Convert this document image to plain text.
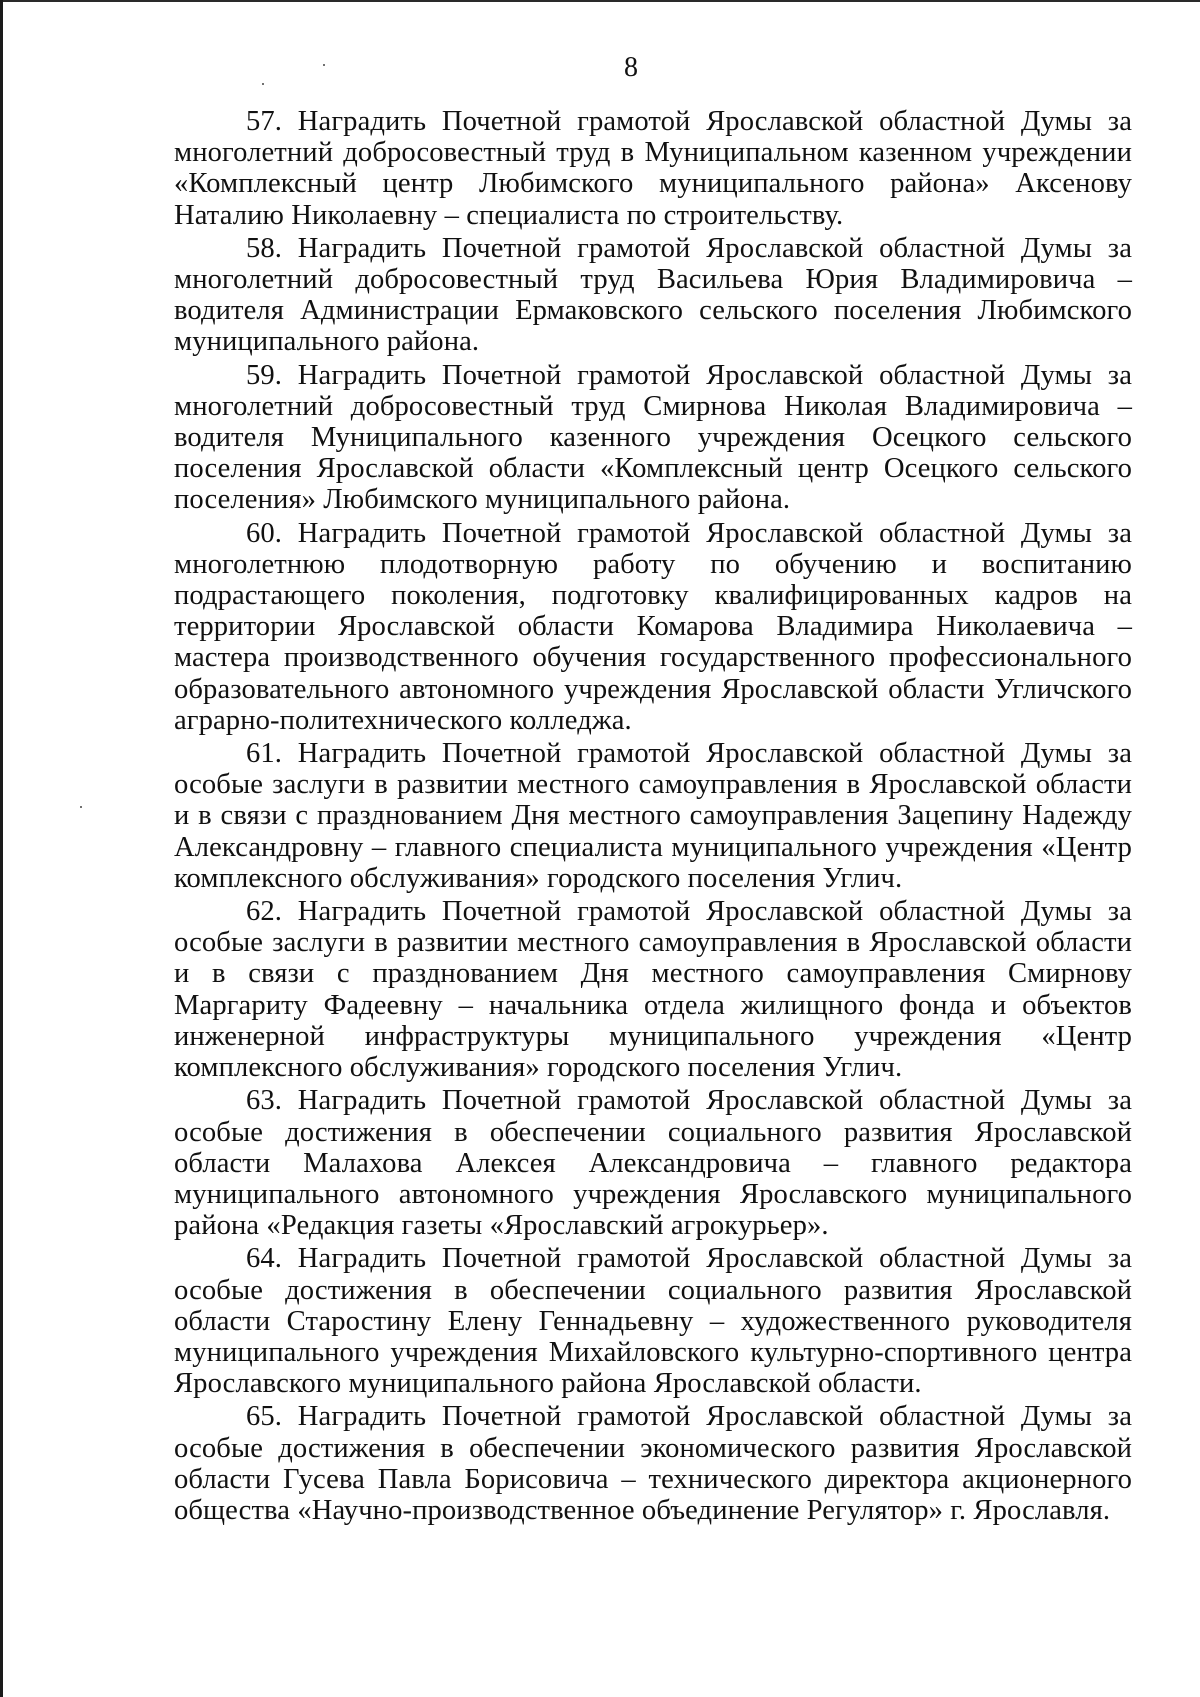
8

57. Наградить Почетной грамотой Ярославской областной Думы за многолетний добросовестный труд в Муниципальном казенном учреждении «Комплексный центр Любимского муниципального района» Аксенову Наталию Николаевну – специалиста по строительству.

58. Наградить Почетной грамотой Ярославской областной Думы за многолетний добросовестный труд Васильева Юрия Владимировича – водителя Администрации Ермаковского сельского поселения Любимского муниципального района.

59. Наградить Почетной грамотой Ярославской областной Думы за многолетний добросовестный труд Смирнова Николая Владимировича – водителя Муниципального казенного учреждения Осецкого сельского поселения Ярославской области «Комплексный центр Осецкого сельского поселения» Любимского муниципального района.

60. Наградить Почетной грамотой Ярославской областной Думы за многолетнюю плодотворную работу по обучению и воспитанию подрастающего поколения, подготовку квалифицированных кадров на территории Ярославской области Комарова Владимира Николаевича – мастера производственного обучения государственного профессионального образовательного автономного учреждения Ярославской области Угличского аграрно-политехнического колледжа.

61. Наградить Почетной грамотой Ярославской областной Думы за особые заслуги в развитии местного самоуправления в Ярославской области и в связи с празднованием Дня местного самоуправления Зацепину Надежду Александровну – главного специалиста муниципального учреждения «Центр комплексного обслуживания» городского поселения Углич.

62. Наградить Почетной грамотой Ярославской областной Думы за особые заслуги в развитии местного самоуправления в Ярославской области и в связи с празднованием Дня местного самоуправления Смирнову Маргариту Фадеевну – начальника отдела жилищного фонда и объектов инженерной инфраструктуры муниципального учреждения «Центр комплексного обслуживания» городского поселения Углич.

63. Наградить Почетной грамотой Ярославской областной Думы за особые достижения в обеспечении социального развития Ярославской области Малахова Алексея Александровича – главного редактора муниципального автономного учреждения Ярославского муниципального района «Редакция газеты «Ярославский агрокурьер».

64. Наградить Почетной грамотой Ярославской областной Думы за особые достижения в обеспечении социального развития Ярославской области Старостину Елену Геннадьевну – художественного руководителя муниципального учреждения Михайловского культурно-спортивного центра Ярославского муниципального района Ярославской области.

65. Наградить Почетной грамотой Ярославской областной Думы за особые достижения в обеспечении экономического развития Ярославской области Гусева Павла Борисовича – технического директора акционерного общества «Научно-производственное объединение Регулятор» г. Ярославля.
